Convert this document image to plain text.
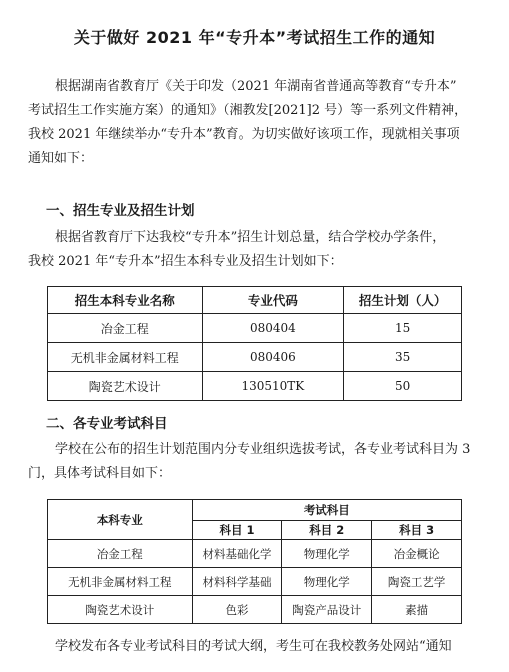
关于做好 2021 年“专升本”考试招生工作的通知
根据湖南省教育厅《关于印发（2021 年湖南省普通高等教育“专升本”
考试招生工作实施方案）的通知》（湘教发[2021]2 号）等一系列文件精神，
我校 2021 年继续举办“专升本”教育。为切实做好该项工作，现就相关事项
通知如下：
一、招生专业及招生计划
根据省教育厅下达我校“专升本”招生计划总量，结合学校办学条件，
我校 2021 年“专升本”招生本科专业及招生计划如下：
招生本科专业名称	专业代码	招生计划（人）
冶金工程	080404	15
无机非金属材料工程	080406	35
陶瓷艺术设计	130510TK	50
二、各专业考试科目
学校在公布的招生计划范围内分专业组织选拔考试，各专业考试科目为 3
门，具体考试科目如下：
本科专业	考试科目		
	科目 1	科目 2	科目 3
冶金工程	材料基础化学	物理化学	冶金概论
无机非金属材料工程	材料科学基础	物理化学	陶瓷工艺学
陶瓷艺术设计	色彩	陶瓷产品设计	素描
学校发布各专业考试科目的考试大纲，考生可在我校教务处网站“通知
